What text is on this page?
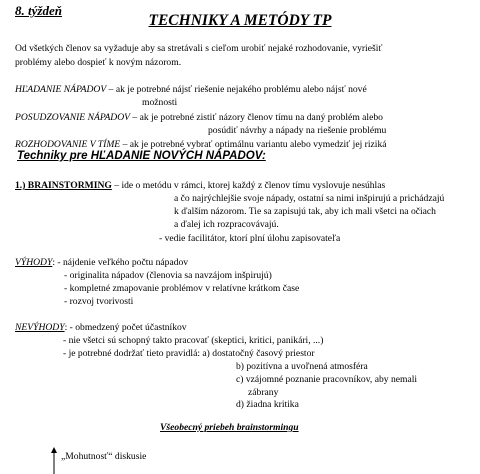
8. týždeň
TECHNIKY A METÓDY TP
Od všetkých členov sa vyžaduje aby sa stretávali s cieľom urobiť nejaké rozhodovanie, vyriešiť
problémy alebo dospieť k novým názorom.
HĽADANIE NÁPADOV – ak je potrebné nájsť riešenie nejakého problému alebo nájsť nové
možnosti
POSUDZOVANIE NÁPADOV – ak je potrebné zistiť názory členov tímu na daný problém alebo
posúdiť návrhy a nápady na riešenie problému
ROZHODOVANIE V TÍME – ak je potrebné vybrať optimálnu variantu alebo vymedziť jej riziká
Techniky pre HĽADANIE NOVÝCH NÁPADOV:
1.) BRAINSTORMING – ide o metódu v rámci, ktorej každý z členov tímu vyslovuje nesúhlas
a čo najrýchlejšie svoje nápady, ostatní sa nimi inšpirujú a prichádzajú
k ďalším názorom. Tie sa zapisujú tak, aby ich mali všetci na očiach
a ďalej ich rozpracovávajú.
- vedie facilitátor, ktorí plní úlohu zapisovateľa
VÝHODY: - nájdenie veľkého počtu nápadov
- originalita nápadov (členovia sa navzájom inšpirujú)
- kompletné zmapovanie problémov v relatívne krátkom čase
- rozvoj tvorivosti
NEVÝHODY: - obmedzený počet účastníkov
- nie všetci sú schopný takto pracovať (skeptici, kritici, panikári, ...)
- je potrebné dodržať tieto pravidlá: a) dostatočný časový priestor
b) pozitívna a uvoľnená atmosféra
c) vzájomné poznanie pracovníkov, aby nemali
zábrany
d) žiadna kritika
Všeobecný priebeh brainstormingu
„Mohutnosť“ diskusie
